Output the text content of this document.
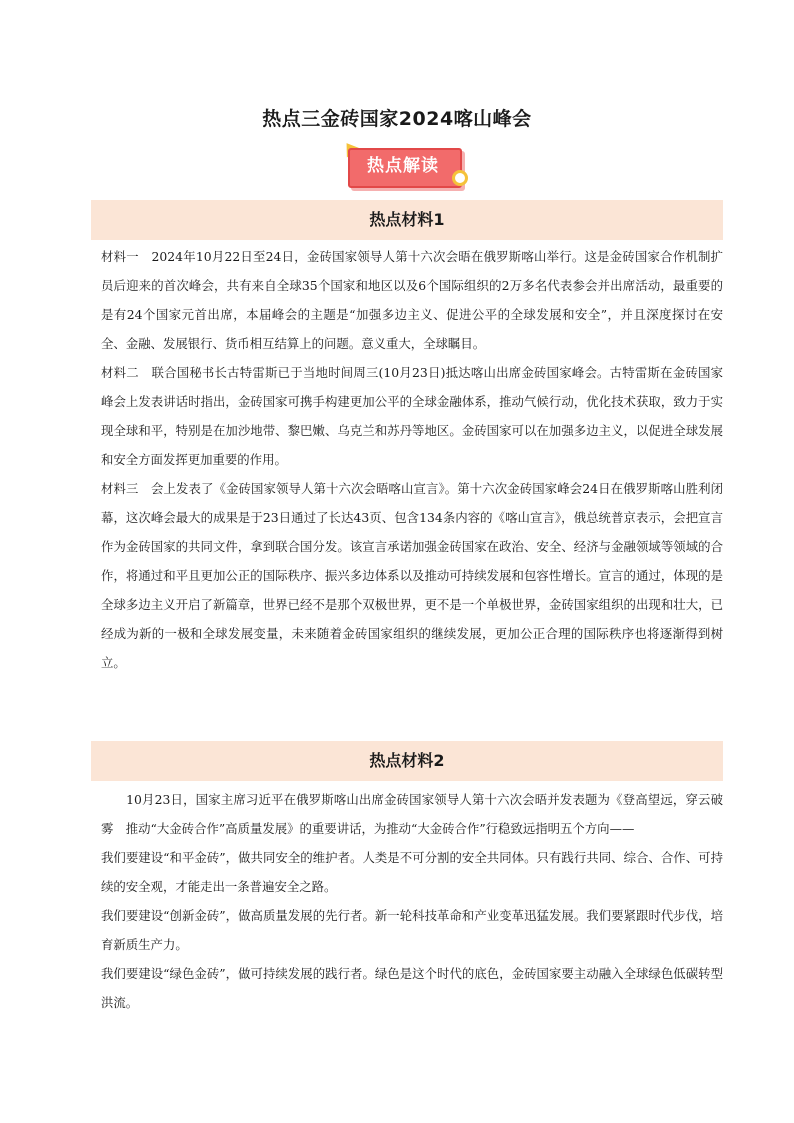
热点三金砖国家2024喀山峰会
热点解读
热点材料1

材料一　2024年10月22日至24日，金砖国家领导人第十六次会晤在俄罗斯喀山举行。这是金砖国家合作机制扩员后迎来的首次峰会，共有来自全球35个国家和地区以及6个国际组织的2万多名代表参会并出席活动，最重要的是有24个国家元首出席，本届峰会的主题是“加强多边主义、促进公平的全球发展和安全”，并且深度探讨在安全、金融、发展银行、货币相互结算上的问题。意义重大，全球瞩目。

材料二　联合国秘书长古特雷斯已于当地时间周三(10月23日)抵达喀山出席金砖国家峰会。古特雷斯在金砖国家峰会上发表讲话时指出，金砖国家可携手构建更加公平的全球金融体系，推动气候行动，优化技术获取，致力于实现全球和平，特别是在加沙地带、黎巴嫩、乌克兰和苏丹等地区。金砖国家可以在加强多边主义，以促进全球发展和安全方面发挥更加重要的作用。

材料三　会上发表了《金砖国家领导人第十六次会晤喀山宣言》。第十六次金砖国家峰会24日在俄罗斯喀山胜利闭幕，这次峰会最大的成果是于23日通过了长达43页、包含134条内容的《喀山宣言》，俄总统普京表示，会把宣言作为金砖国家的共同文件，拿到联合国分发。该宣言承诺加强金砖国家在政治、安全、经济与金融领域等领域的合作，将通过和平且更加公正的国际秩序、振兴多边体系以及推动可持续发展和包容性增长。宣言的通过，体现的是全球多边主义开启了新篇章，世界已经不是那个双极世界，更不是一个单极世界，金砖国家组织的出现和壮大，已经成为新的一极和全球发展变量，未来随着金砖国家组织的继续发展，更加公正合理的国际秩序也将逐渐得到树立。

热点材料2

　　10月23日，国家主席习近平在俄罗斯喀山出席金砖国家领导人第十六次会晤并发表题为《登高望远，穿云破雾　推动“大金砖合作”高质量发展》的重要讲话，为推动“大金砖合作”行稳致远指明五个方向——

我们要建设“和平金砖”，做共同安全的维护者。人类是不可分割的安全共同体。只有践行共同、综合、合作、可持续的安全观，才能走出一条普遍安全之路。

我们要建设“创新金砖”，做高质量发展的先行者。新一轮科技革命和产业变革迅猛发展。我们要紧跟时代步伐，培育新质生产力。

我们要建设“绿色金砖”，做可持续发展的践行者。绿色是这个时代的底色，金砖国家要主动融入全球绿色低碳转型洪流。
